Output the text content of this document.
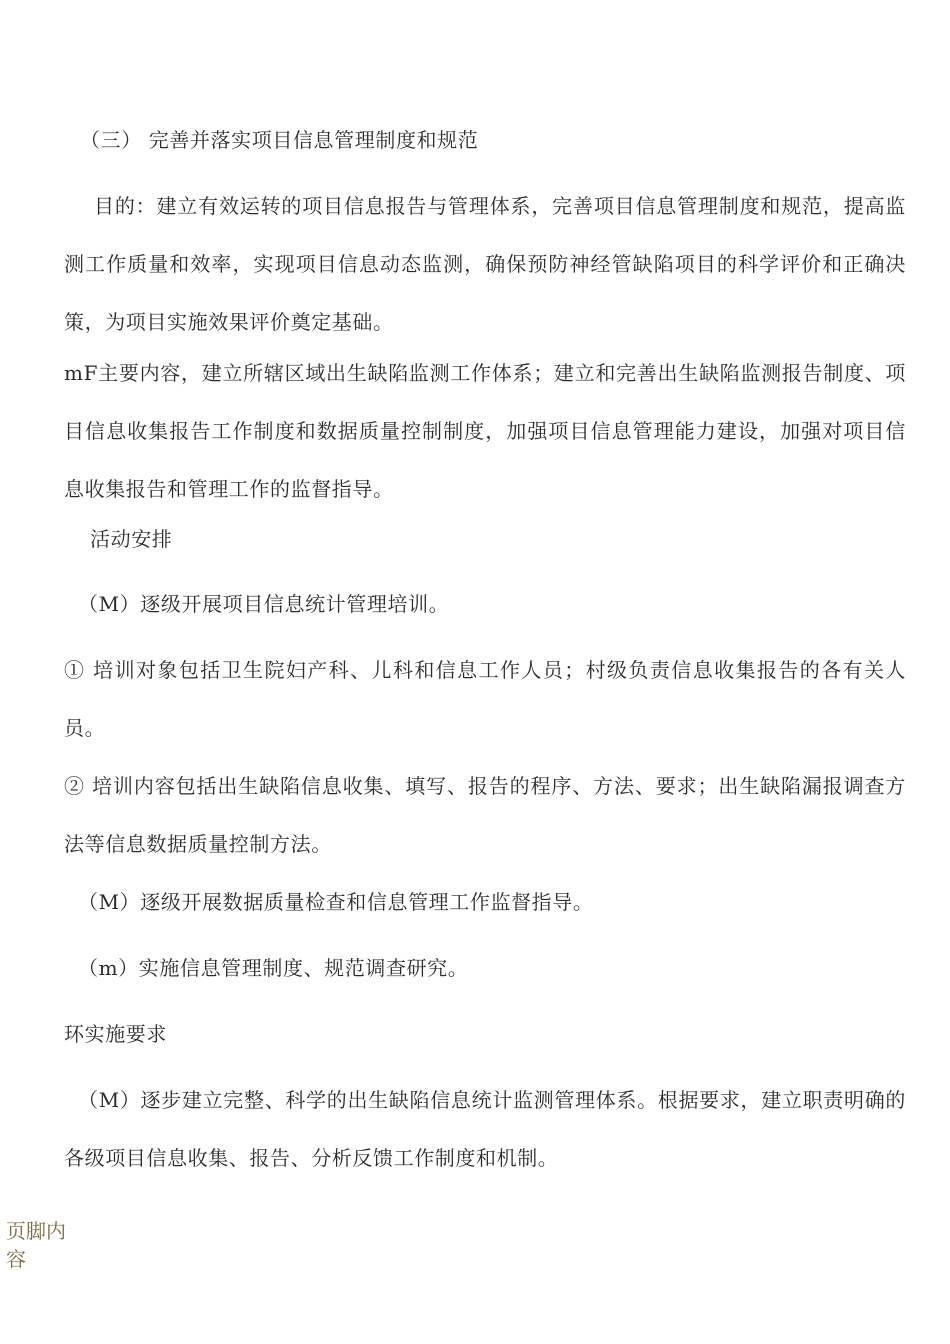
（三） 完善并落实项目信息管理制度和规范

目的：建立有效运转的项目信息报告与管理体系，完善项目信息管理制度和规范，提高监测工作质量和效率，实现项目信息动态监测，确保预防神经管缺陷项目的科学评价和正确决策，为项目实施效果评价奠定基础。

mF主要内容，建立所辖区域出生缺陷监测工作体系；建立和完善出生缺陷监测报告制度、项目信息收集报告工作制度和数据质量控制制度，加强项目信息管理能力建设，加强对项目信息收集报告和管理工作的监督指导。

活动安排

（M）逐级开展项目信息统计管理培训。

① 培训对象包括卫生院妇产科、儿科和信息工作人员；村级负责信息收集报告的各有关人员。

② 培训内容包括出生缺陷信息收集、填写、报告的程序、方法、要求；出生缺陷漏报调查方法等信息数据质量控制方法。

（M）逐级开展数据质量检查和信息管理工作监督指导。

（m）实施信息管理制度、规范调查研究。

环实施要求

（M）逐步建立完整、科学的出生缺陷信息统计监测管理体系。根据要求，建立职责明确的各级项目信息收集、报告、分析反馈工作制度和机制。

页脚内容
